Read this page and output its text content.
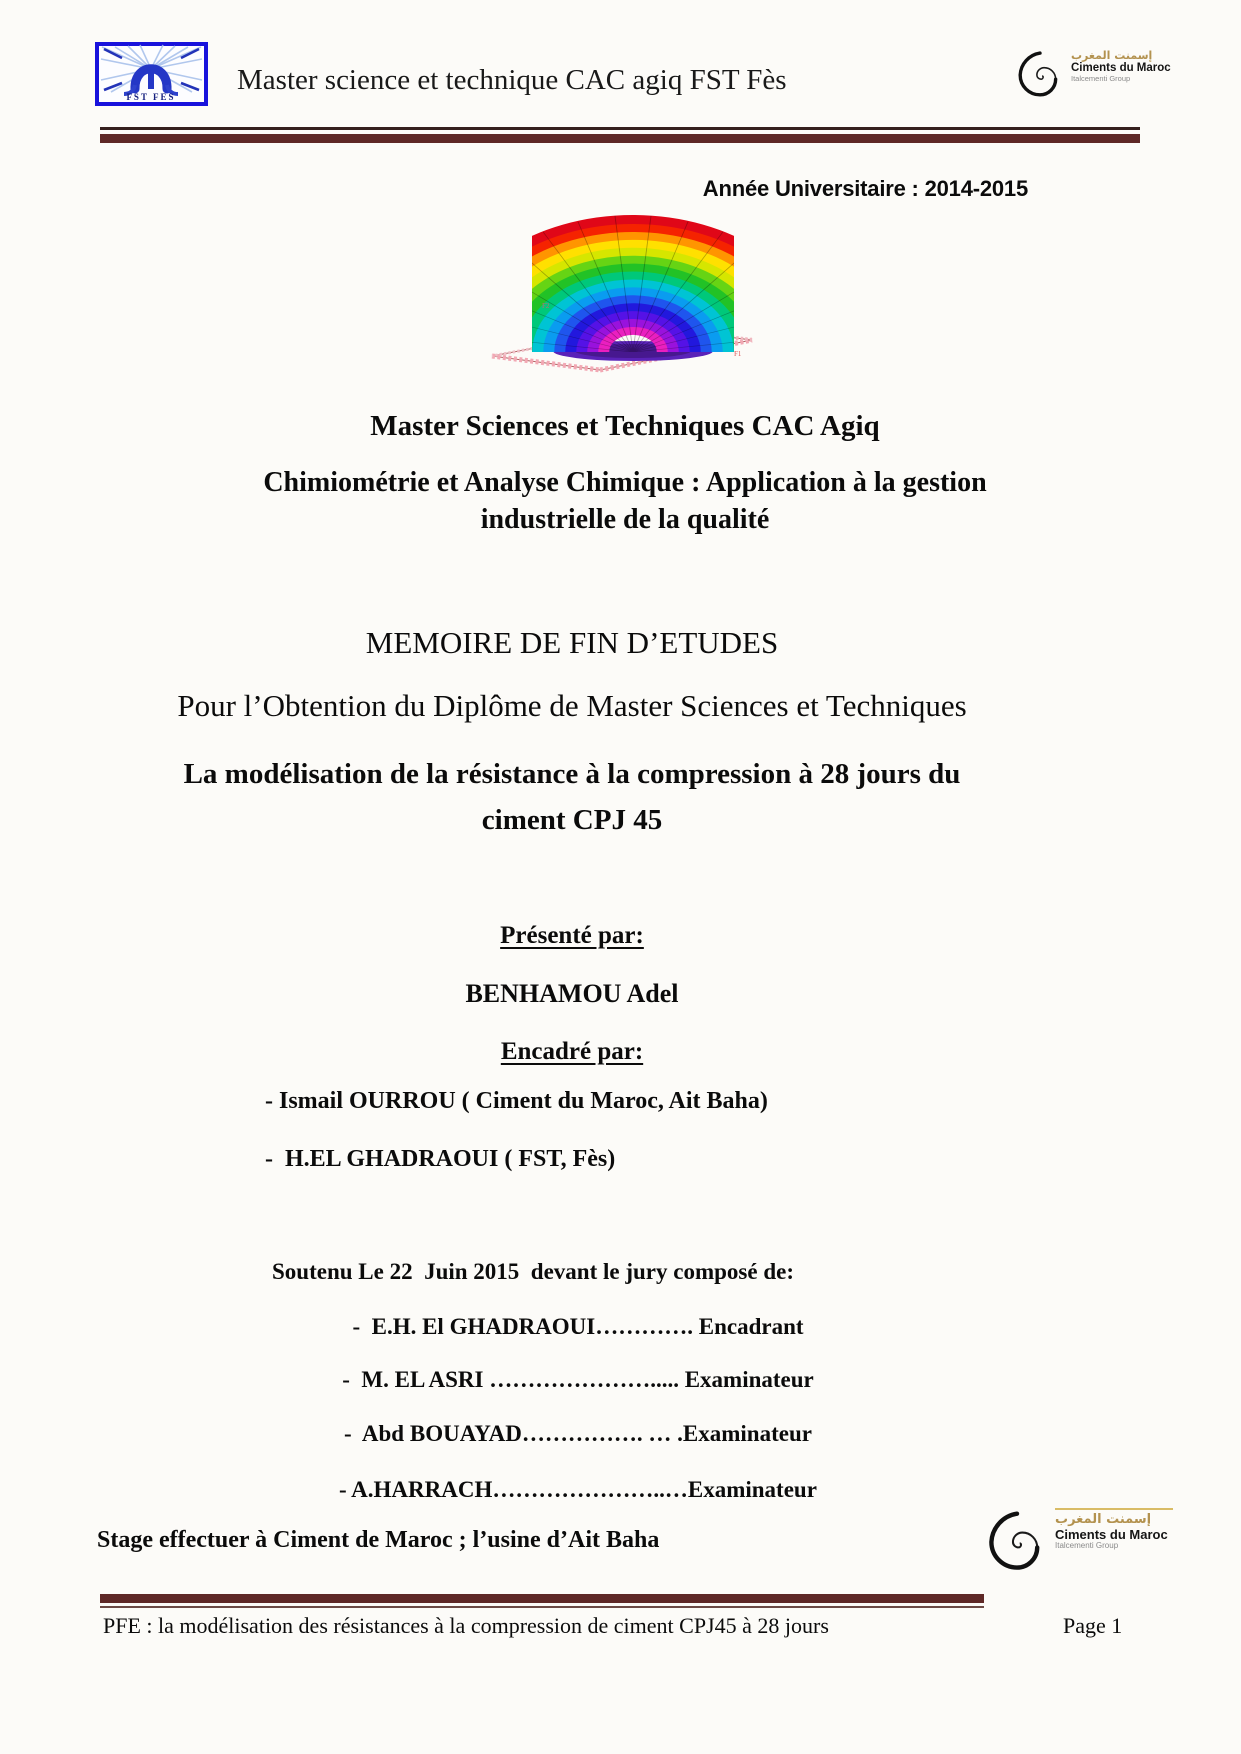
FST FES
Master science et technique CAC agiq FST Fès
إسمنت المغرب
Ciments du Maroc
Italcementi Group
Année Universitaire : 2014-2015
F2
F1
Master Sciences et Techniques CAC Agiq
Chimiométrie et Analyse Chimique : Application à la gestion
industrielle de la qualité
MEMOIRE DE FIN D’ETUDES
Pour l’Obtention du Diplôme de Master Sciences et Techniques
La modélisation de la résistance à la compression à 28 jours du
ciment CPJ 45
Présenté par:
BENHAMOU Adel
Encadré par:
- Ismail OURROU ( Ciment du Maroc, Ait Baha)
-  H.EL GHADRAOUI ( FST, Fès)
Soutenu Le 22  Juin 2015  devant le jury composé de:
-  E.H. El GHADRAOUI…………. Encadrant
-  M. EL ASRI …………………..... Examinateur
-  Abd BOUAYAD……………. … .Examinateur
- A.HARRACH…………………..…Examinateur
Stage effectuer à Ciment de Maroc ; l’usine d’Ait Baha
إسمنت المغرب
Ciments du Maroc
Italcementi Group
PFE : la modélisation des résistances à la compression de ciment CPJ45 à 28 jours	Page 1
